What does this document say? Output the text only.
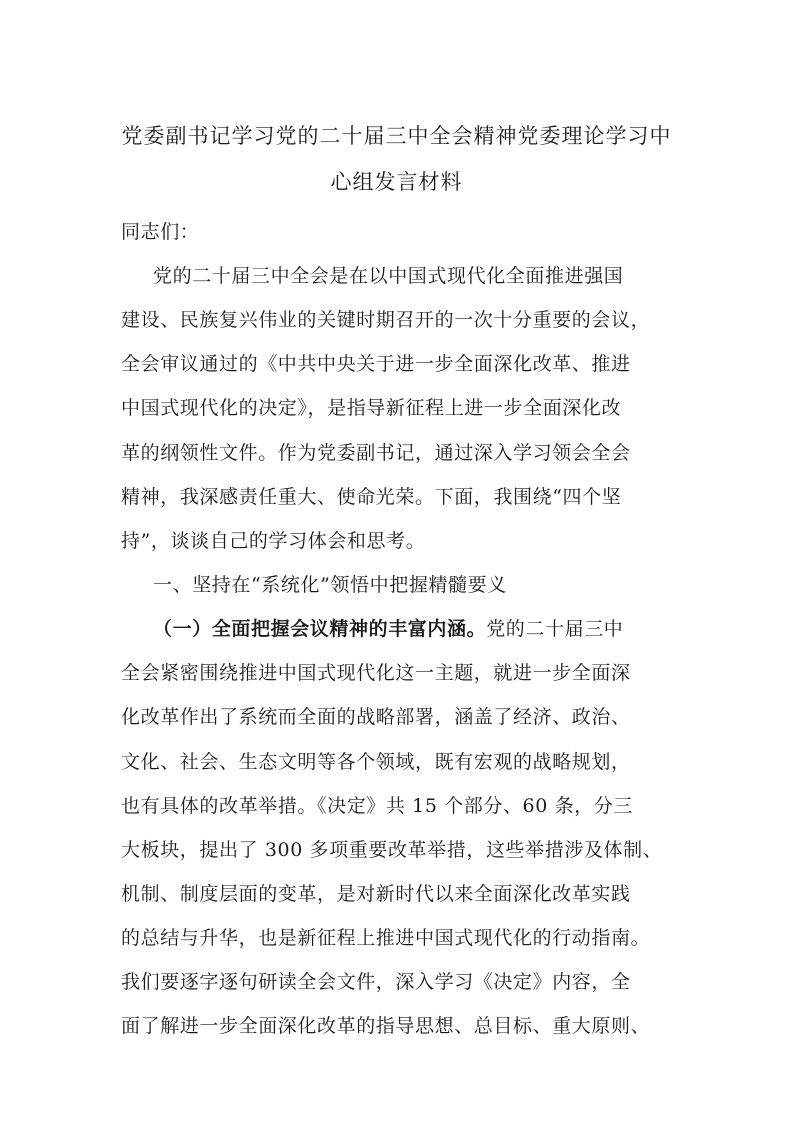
党委副书记学习党的二十届三中全会精神党委理论学习中
心组发言材料
同志们：
党的二十届三中全会是在以中国式现代化全面推进强国
建设、民族复兴伟业的关键时期召开的一次十分重要的会议，
全会审议通过的《中共中央关于进一步全面深化改革、推进
中国式现代化的决定》，是指导新征程上进一步全面深化改
革的纲领性文件。作为党委副书记，通过深入学习领会全会
精神，我深感责任重大、使命光荣。下面，我围绕“四个坚
持”，谈谈自己的学习体会和思考。
一、坚持在“系统化”领悟中把握精髓要义
（一）全面把握会议精神的丰富内涵。党的二十届三中
全会紧密围绕推进中国式现代化这一主题，就进一步全面深
化改革作出了系统而全面的战略部署，涵盖了经济、政治、
文化、社会、生态文明等各个领域，既有宏观的战略规划，
也有具体的改革举措。《决定》共 15 个部分、60 条，分三
大板块，提出了 300 多项重要改革举措，这些举措涉及体制、
机制、制度层面的变革，是对新时代以来全面深化改革实践
的总结与升华，也是新征程上推进中国式现代化的行动指南。
我们要逐字逐句研读全会文件，深入学习《决定》内容，全
面了解进一步全面深化改革的指导思想、总目标、重大原则、
